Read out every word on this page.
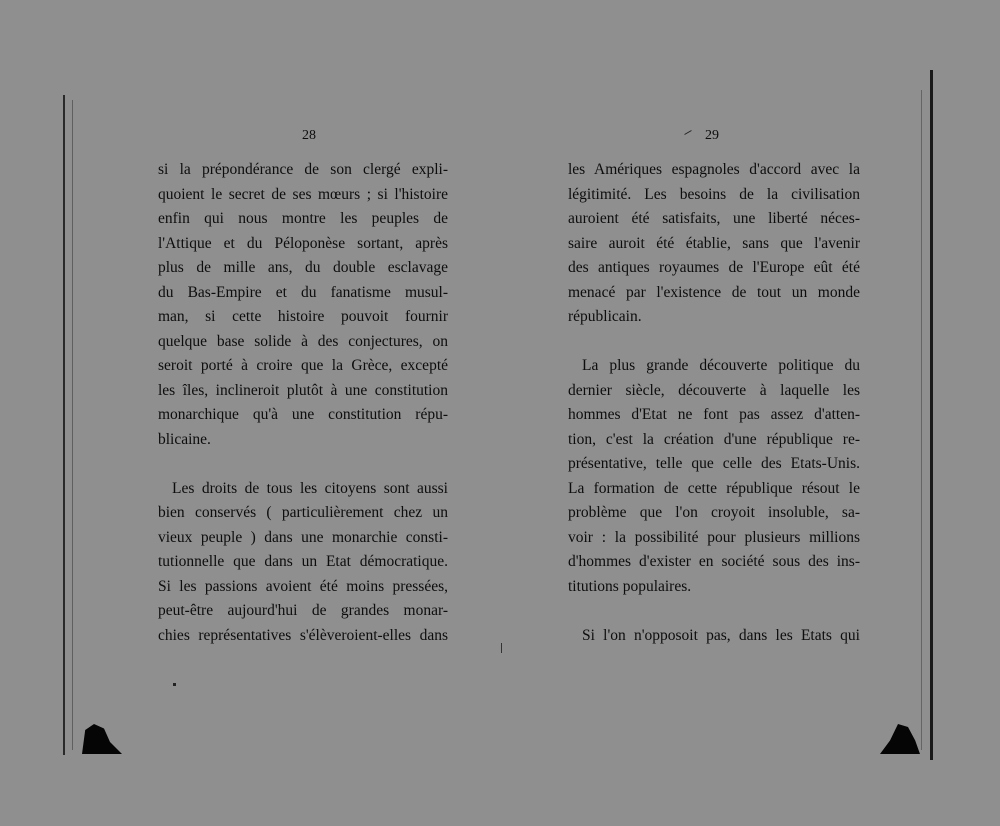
28	29
si la prépondérance de son clergé expli-
quoient le secret de ses mœurs ; si l'histoire
enfin qui nous montre les peuples de
l'Attique et du Péloponèse sortant, après
plus de mille ans, du double esclavage
du Bas-Empire et du fanatisme musul-
man, si cette histoire pouvoit fournir
quelque base solide à des conjectures, on
seroit porté à croire que la Grèce, excepté
les îles, inclineroit plutôt à une constitution
monarchique qu'à une constitution répu-
blicaine.
Les droits de tous les citoyens sont aussi
bien conservés ( particulièrement chez un
vieux peuple ) dans une monarchie consti-
tutionnelle que dans un Etat démocratique.
Si les passions avoient été moins pressées,
peut-être aujourd'hui de grandes monar-
chies représentatives s'élèveroient-elles dans
les Amériques espagnoles d'accord avec la
légitimité. Les besoins de la civilisation
auroient été satisfaits, une liberté néces-
saire auroit été établie, sans que l'avenir
des antiques royaumes de l'Europe eût été
menacé par l'existence de tout un monde
républicain.
La plus grande découverte politique du
dernier siècle, découverte à laquelle les
hommes d'Etat ne font pas assez d'atten-
tion, c'est la création d'une république re-
présentative, telle que celle des Etats-Unis.
La formation de cette république résout le
problème que l'on croyoit insoluble, sa-
voir : la possibilité pour plusieurs millions
d'hommes d'exister en société sous des ins-
titutions populaires.
Si l'on n'opposoit pas, dans les Etats qui
